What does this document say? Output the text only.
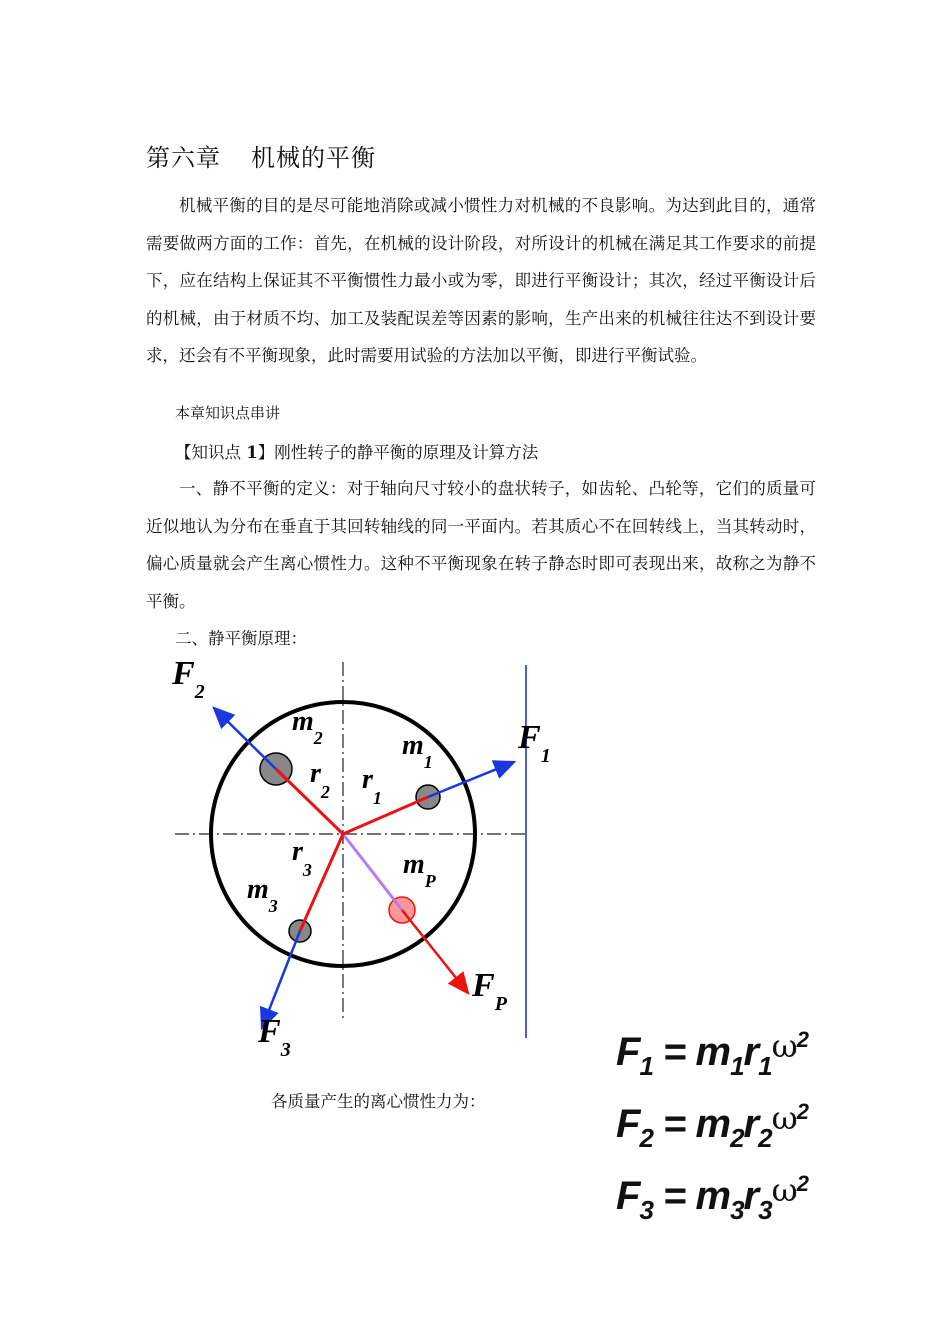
第六章 机械的平衡

机械平衡的目的是尽可能地消除或减小惯性力对机械的不良影响。为达到此目的，通常需要做两方面的工作：首先，在机械的设计阶段，对所设计的机械在满足其工作要求的前提下，应在结构上保证其不平衡惯性力最小或为零，即进行平衡设计；其次，经过平衡设计后的机械，由于材质不均、加工及装配误差等因素的影响，生产出来的机械往往达不到设计要求，还会有不平衡现象，此时需要用试验的方法加以平衡，即进行平衡试验。

本章知识点串讲
【知识点 1】刚性转子的静平衡的原理及计算方法

一、静不平衡的定义：对于轴向尺寸较小的盘状转子，如齿轮、凸轮等，它们的质量可近似地认为分布在垂直于其回转轴线的同一平面内。若其质心不在回转线上，当其转动时，偏心质量就会产生离心惯性力。这种不平衡现象在转子静态时即可表现出来，故称之为静不平衡。

二、静平衡原理：
$F_2$
$F_1$
$F_P$
$F_3$
$m_2$	$m_1$
$m_P$
$m_3$
$r_2$ $r_1$
$r_3$
各质量产生的离心惯性力为：
$F_1 = m_1r_1^{\omega 2}$
$F_2 = m_2r_2^{\omega 2}$
$F_3 = m_3r_3^{\omega 2}$
